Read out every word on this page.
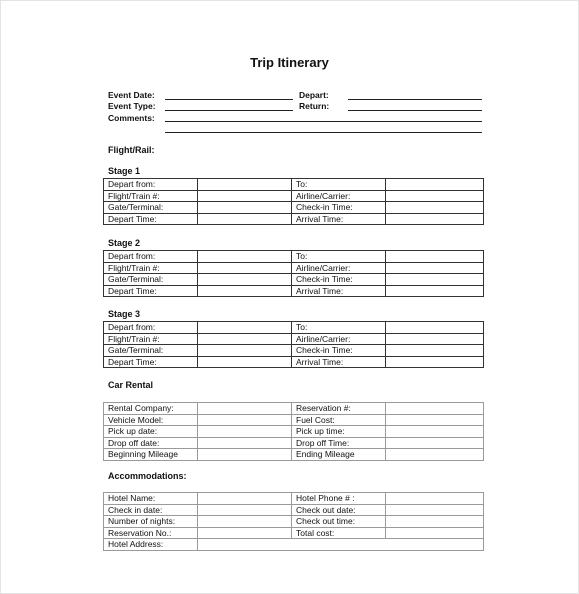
Trip Itinerary
Event Date:
Event Type:
Depart:
Return:
Comments:
Flight/Rail:
Stage 1
Depart from:		To:	
Flight/Train #:		Airline/Carrier:	
Gate/Terminal:		Check-in Time:	
Depart Time:		Arrival Time:	
Stage 2
Depart from:		To:	
Flight/Train #:		Airline/Carrier:	
Gate/Terminal:		Check-in Time:	
Depart Time:		Arrival Time:	
Stage 3
Depart from:		To:	
Flight/Train #:		Airline/Carrier:	
Gate/Terminal:		Check-in Time:	
Depart Time:		Arrival Time:	
Car Rental
Rental Company:		Reservation #:	
Vehicle Model:		Fuel Cost:	
Pick up date:		Pick up time:	
Drop off date:		Drop off Time:	
Beginning Mileage		Ending Mileage	
Accommodations:
Hotel Name:		Hotel Phone # :	
Check in date:		Check out date:	
Number of nights:		Check out time:	
Reservation No.:		Total cost:	
Hotel Address:			
